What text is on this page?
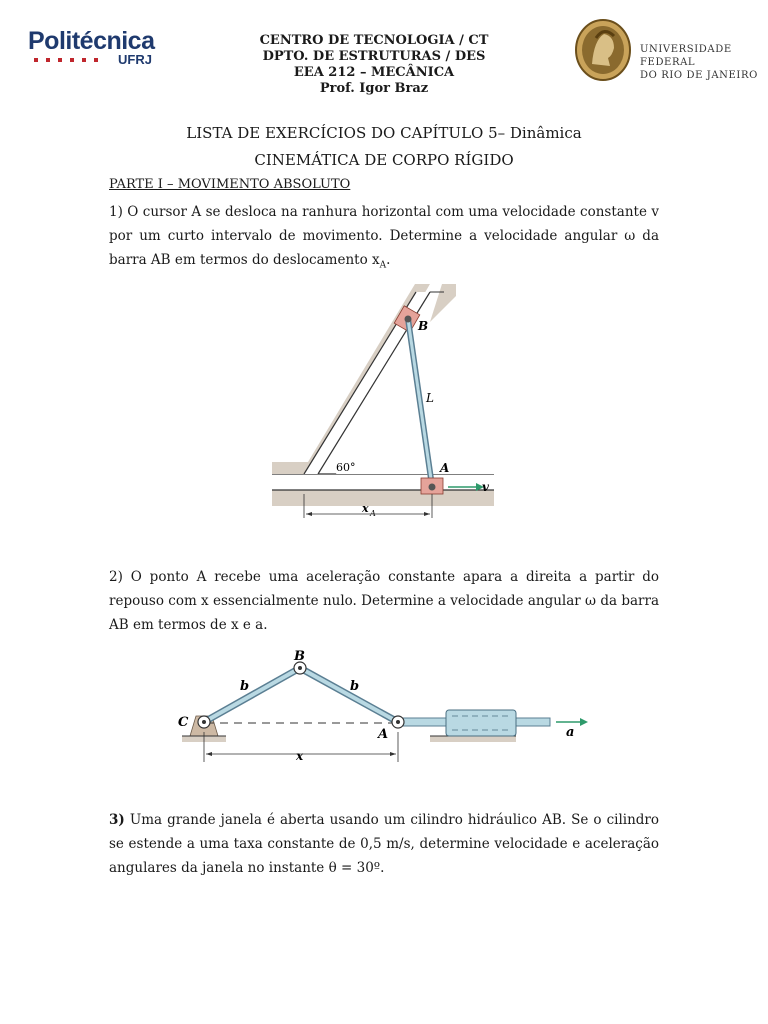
Politécnica
UFRJ
CENTRO DE TECNOLOGIA / CT
DPTO. DE ESTRUTURAS / DES
EEA 212 – MECÂNICA
Prof. Igor Braz
UNIVERSIDADE FEDERAL
DO RIO DE JANEIRO
LISTA DE EXERCÍCIOS DO CAPÍTULO 5– Dinâmica
CINEMÁTICA DE CORPO RÍGIDO
PARTE I – MOVIMENTO ABSOLUTO
1) O cursor A se desloca na ranhura horizontal com uma velocidade constante v por um curto intervalo de movimento. Determine a velocidade angular ω da barra AB em termos do deslocamento $x_A$.
B
L
A
60°
v
x A
2) O ponto A recebe uma aceleração constante apara a direita a partir do repouso com x essencialmente nulo. Determine a velocidade angular ω da barra AB em termos de x e a.
B
b	b
C
A
x
a
3) Uma grande janela é aberta usando um cilindro hidráulico AB. Se o cilindro se estende a uma taxa constante de 0,5 m/s, determine velocidade e aceleração angulares da janela no instante θ = 30º.
